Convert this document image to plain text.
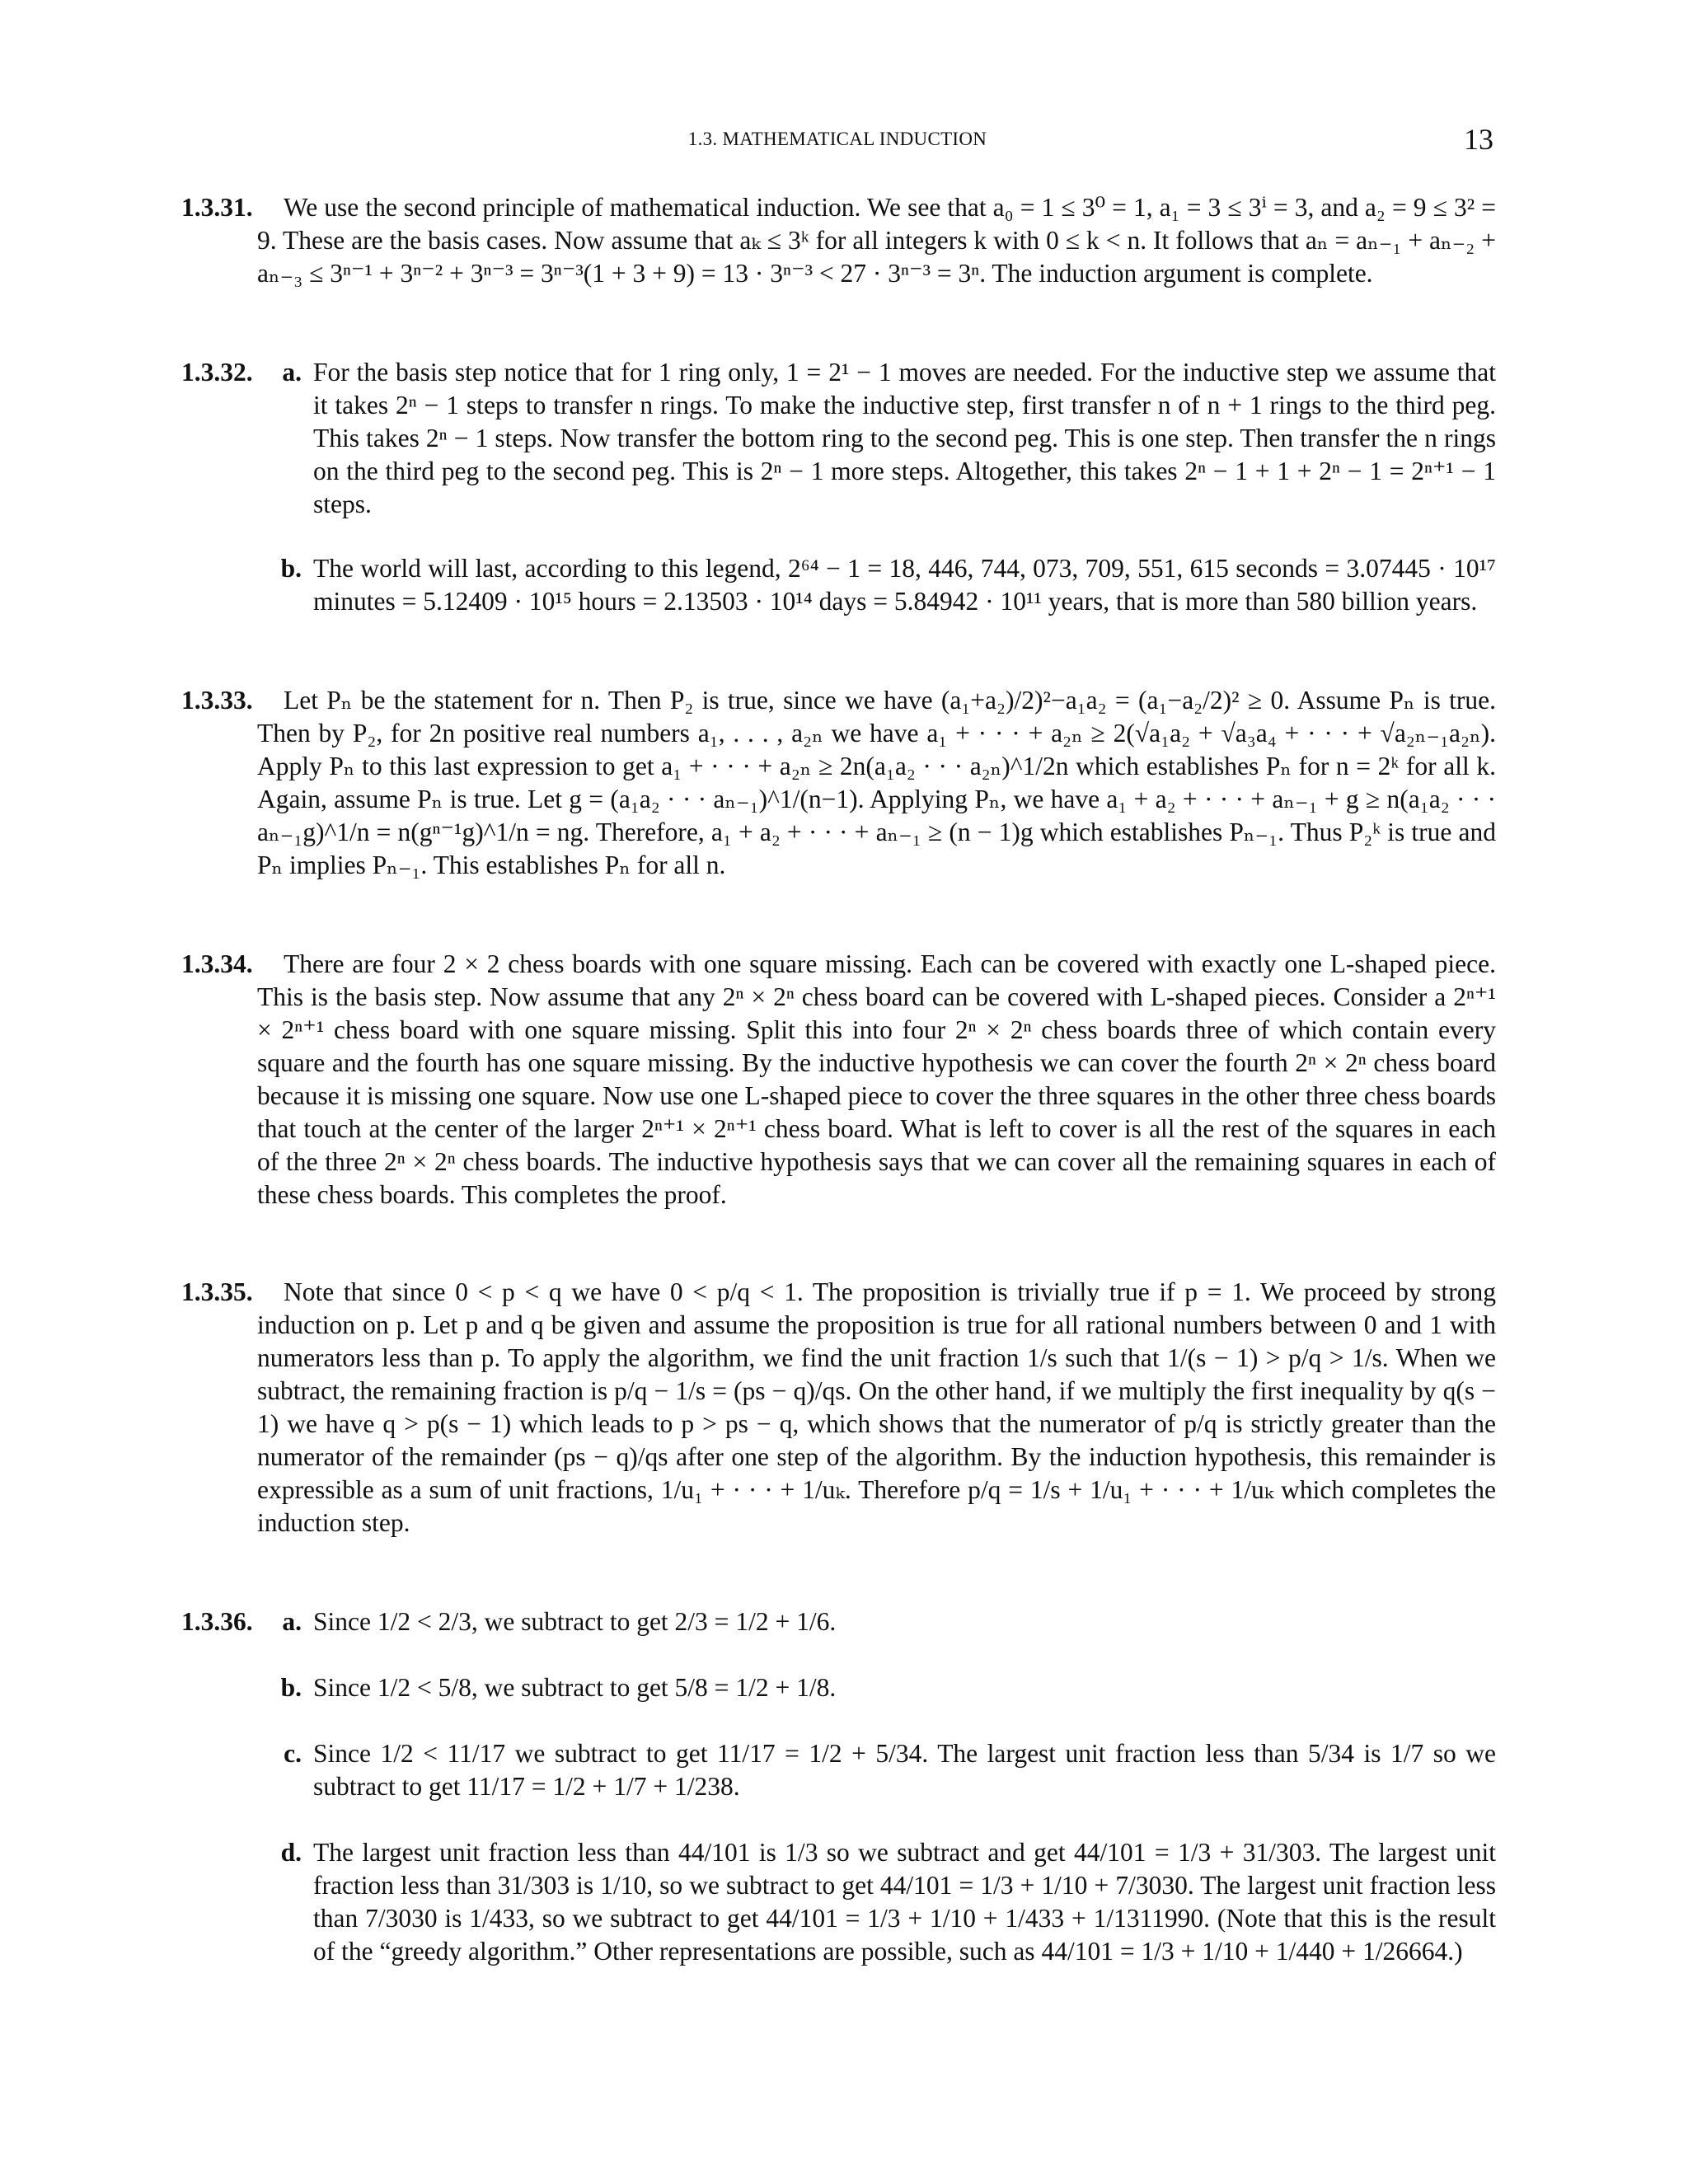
1.3. MATHEMATICAL INDUCTION	13
1.3.31.	We use the second principle of mathematical induction. We see that a₀ = 1 ≤ 3⁰ = 1, a₁ = 3 ≤ 3ⁱ = 3, and a₂ = 9 ≤ 3² = 9. These are the basis cases. Now assume that aₖ ≤ 3ᵏ for all integers k with 0 ≤ k < n. It follows that aₙ = aₙ₋₁ + aₙ₋₂ + aₙ₋₃ ≤ 3ⁿ⁻¹ + 3ⁿ⁻² + 3ⁿ⁻³ = 3ⁿ⁻³(1 + 3 + 9) = 13 · 3ⁿ⁻³ < 27 · 3ⁿ⁻³ = 3ⁿ. The induction argument is complete.
1.3.32.	a. For the basis step notice that for 1 ring only, 1 = 2¹ − 1 moves are needed. For the inductive step we assume that it takes 2ⁿ − 1 steps to transfer n rings. To make the inductive step, first transfer n of n + 1 rings to the third peg. This takes 2ⁿ − 1 steps. Now transfer the bottom ring to the second peg. This is one step. Then transfer the n rings on the third peg to the second peg. This is 2ⁿ − 1 more steps. Altogether, this takes 2ⁿ − 1 + 1 + 2ⁿ − 1 = 2ⁿ⁺¹ − 1 steps.
b. The world will last, according to this legend, 2⁶⁴ − 1 = 18, 446, 744, 073, 709, 551, 615 seconds = 3.07445 · 10¹⁷ minutes = 5.12409 · 10¹⁵ hours = 2.13503 · 10¹⁴ days = 5.84942 · 10¹¹ years, that is more than 580 billion years.
1.3.33.	Let Pₙ be the statement for n. Then P₂ is true, since we have (a₁+a₂)/2)²−a₁a₂ = (a₁−a₂/2)² ≥ 0. Assume Pₙ is true. Then by P₂, for 2n positive real numbers a₁, . . . , a₂ₙ we have a₁ + · · · + a₂ₙ ≥ 2(√a₁a₂ + √a₃a₄ + · · · + √a₂ₙ₋₁a₂ₙ). Apply Pₙ to this last expression to get a₁ + · · · + a₂ₙ ≥ 2n(a₁a₂ · · · a₂ₙ)^1/2n which establishes Pₙ for n = 2ᵏ for all k. Again, assume Pₙ is true. Let g = (a₁a₂ · · · aₙ₋₁)^1/(n−1). Applying Pₙ, we have a₁ + a₂ + · · · + aₙ₋₁ + g ≥ n(a₁a₂ · · · aₙ₋₁g)^1/n = n(gⁿ⁻¹g)^1/n = ng. Therefore, a₁ + a₂ + · · · + aₙ₋₁ ≥ (n − 1)g which establishes Pₙ₋₁. Thus P₂ᵏ is true and Pₙ implies Pₙ₋₁. This establishes Pₙ for all n.
1.3.34.	There are four 2 × 2 chess boards with one square missing. Each can be covered with exactly one L-shaped piece. This is the basis step. Now assume that any 2ⁿ × 2ⁿ chess board can be covered with L-shaped pieces. Consider a 2ⁿ⁺¹ × 2ⁿ⁺¹ chess board with one square missing. Split this into four 2ⁿ × 2ⁿ chess boards three of which contain every square and the fourth has one square missing. By the inductive hypothesis we can cover the fourth 2ⁿ × 2ⁿ chess board because it is missing one square. Now use one L-shaped piece to cover the three squares in the other three chess boards that touch at the center of the larger 2ⁿ⁺¹ × 2ⁿ⁺¹ chess board. What is left to cover is all the rest of the squares in each of the three 2ⁿ × 2ⁿ chess boards. The inductive hypothesis says that we can cover all the remaining squares in each of these chess boards. This completes the proof.
1.3.35.	Note that since 0 < p < q we have 0 < p/q < 1. The proposition is trivially true if p = 1. We proceed by strong induction on p. Let p and q be given and assume the proposition is true for all rational numbers between 0 and 1 with numerators less than p. To apply the algorithm, we find the unit fraction 1/s such that 1/(s − 1) > p/q > 1/s. When we subtract, the remaining fraction is p/q − 1/s = (ps − q)/qs. On the other hand, if we multiply the first inequality by q(s − 1) we have q > p(s − 1) which leads to p > ps − q, which shows that the numerator of p/q is strictly greater than the numerator of the remainder (ps − q)/qs after one step of the algorithm. By the induction hypothesis, this remainder is expressible as a sum of unit fractions, 1/u₁ + · · · + 1/uₖ. Therefore p/q = 1/s + 1/u₁ + · · · + 1/uₖ which completes the induction step.
1.3.36.	a. Since 1/2 < 2/3, we subtract to get 2/3 = 1/2 + 1/6.
b. Since 1/2 < 5/8, we subtract to get 5/8 = 1/2 + 1/8.
c. Since 1/2 < 11/17 we subtract to get 11/17 = 1/2 + 5/34. The largest unit fraction less than 5/34 is 1/7 so we subtract to get 11/17 = 1/2 + 1/7 + 1/238.
d. The largest unit fraction less than 44/101 is 1/3 so we subtract and get 44/101 = 1/3 + 31/303. The largest unit fraction less than 31/303 is 1/10, so we subtract to get 44/101 = 1/3 + 1/10 + 7/3030. The largest unit fraction less than 7/3030 is 1/433, so we subtract to get 44/101 = 1/3 + 1/10 + 1/433 + 1/1311990. (Note that this is the result of the “greedy algorithm.” Other representations are possible, such as 44/101 = 1/3 + 1/10 + 1/440 + 1/26664.)
